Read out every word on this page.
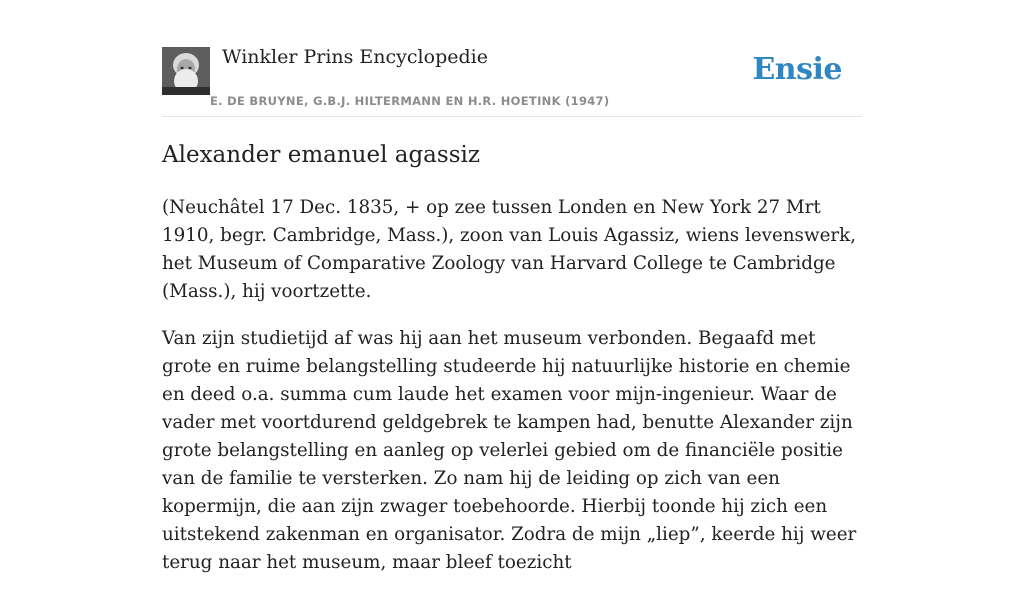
Winkler Prins Encyclopedie
E. DE BRUYNE, G.B.J. HILTERMANN EN H.R. HOETINK (1947)
Ensie
Alexander emanuel agassiz

(Neuchâtel 17 Dec. 1835, + op zee tussen Londen en New York 27 Mrt 1910, begr. Cambridge, Mass.), zoon van Louis Agassiz, wiens levenswerk, het Museum of Comparative Zoology van Harvard College te Cambridge (Mass.), hij voortzette.

Van zijn studietijd af was hij aan het museum verbonden. Begaafd met grote en ruime belangstelling studeerde hij natuurlijke historie en chemie en deed o.a. summa cum laude het examen voor mijn-ingenieur. Waar de vader met voortdurend geldgebrek te kampen had, benutte Alexander zijn grote belangstelling en aanleg op velerlei gebied om de financiële positie van de familie te versterken. Zo nam hij de leiding op zich van een kopermijn, die aan zijn zwager toebehoorde. Hierbij toonde hij zich een uitstekend zakenman en organisator. Zodra de mijn „liep”, keerde hij weer terug naar het museum, maar bleef toezicht
